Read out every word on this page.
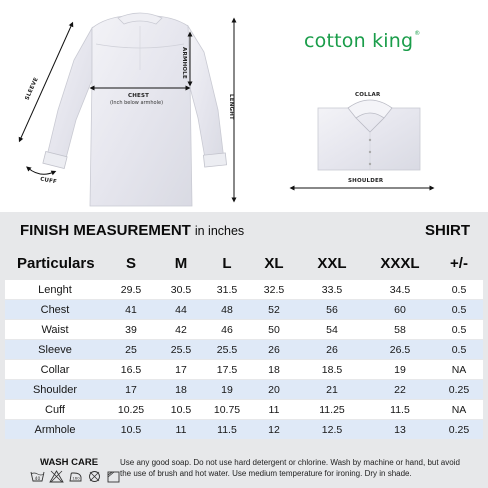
SLEEVE
CUFF
CHEST
(Inch below armhole)
ARMHOLE
LENGHT	COLLAR
SHOULDER
cotton king®
FINISH MEASUREMENT in inches	SHIRT
Particulars	S	M	L	XL	XXL	XXXL	+/-
Lenght	29.5	30.5	31.5	32.5	33.5	34.5	0.5
Chest	41	44	48	52	56	60	0.5
Waist	39	42	46	50	54	58	0.5
Sleeve	25	25.5	25.5	26	26	26.5	0.5
Collar	16.5	17	17.5	18	18.5	19	NA
Shoulder	17	18	19	20	21	22	0.25
Cuff	10.25	10.5	10.75	11	11.25	11.5	NA
Armhole	10.5	11	11.5	12	12.5	13	0.25
WASH CARE
40	160
Use any good soap. Do not use hard detergent or chlorine. Wash by machine or hand, but avoid the use of brush and hot water. Use medium temperature for ironing. Dry in shade.
